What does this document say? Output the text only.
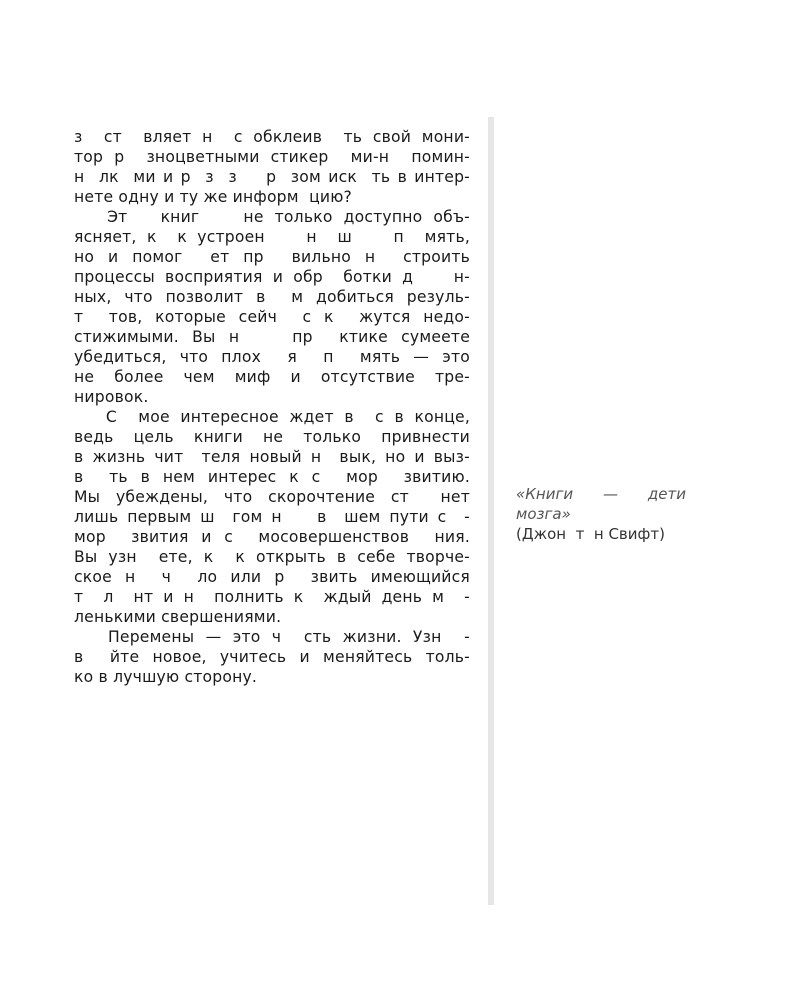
з  ст  вляет н  с обклеив  ть свой мони-
тор р  зноцветными стикер  ми-н  помин-
н  лк  ми и р  з  з    р  зом иск  ть в интер-
нете одну и ту же информ  цию?
Эт   книг    не только доступно объ-
ясняет, к  к устроен    н  ш    п  мять,
но и помог  ет пр  вильно н  строить
процессы восприятия и обр  ботки д    н-
ных, что позволит в  м добиться резуль-
т  тов, которые сейч  с к  жутся недо-
стижимыми. Вы н    пр  ктике сумеете
убедиться, что плох  я  п  мять — это
не более чем миф и отсутствие тре-
нировок.
С  мое интересное ждет в  с в конце,
ведь цель книги не только привнести
в жизнь чит  теля новый н  вык, но и выз-
в  ть в нем интерес к с  мор  звитию.
Мы убеждены, что скорочтение ст  нет
лишь первым ш  гом н    в  шем пути с  -
мор  звития и с  мосовершенствов  ния.
Вы узн  ете, к  к открыть в себе творче-
ское н  ч  ло или р  звить имеющийся
т  л  нт и н  полнить к  ждый день м  -
ленькими свершениями.
Перемены — это ч  сть жизни. Узн  -
в  йте новое, учитесь и меняйтесь толь-
ко в лучшую сторону.
«Книги  —  дети
мозга»
(Джон  т  н Свифт)
